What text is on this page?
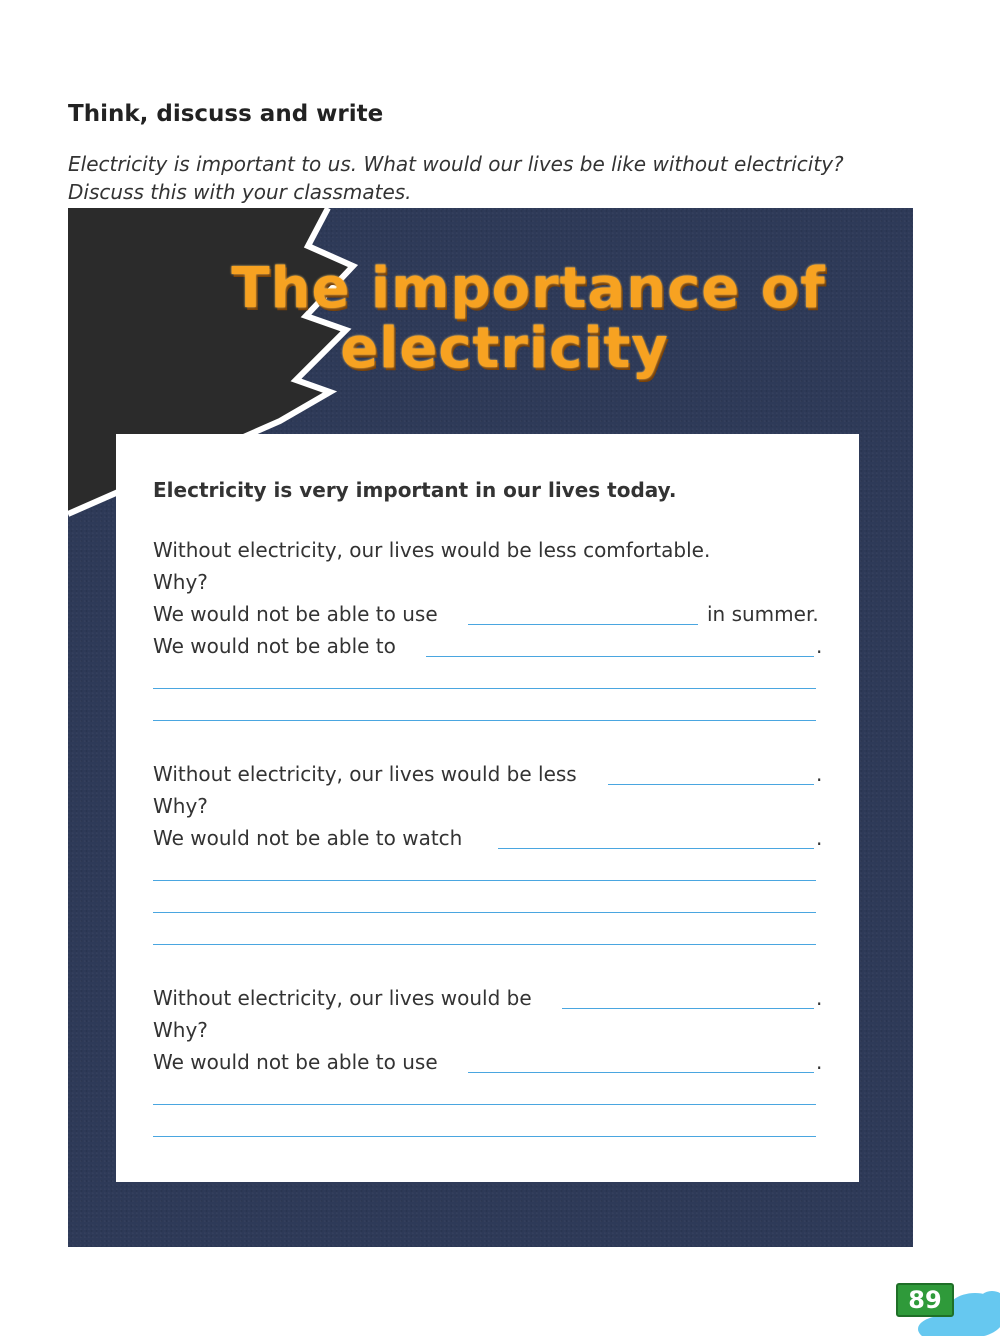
Think, discuss and write
Electricity is important to us. What would our lives be like without electricity?
Discuss this with your classmates.
The importance of
electricity
Electricity is very important in our lives today.
Without electricity, our lives would be less comfortable.
Why?
We would not be able to use	in summer.
We would not be able to	.
Without electricity, our lives would be less	.
Why?
We would not be able to watch	.
Without electricity, our lives would be	.
Why?
We would not be able to use	.
89
